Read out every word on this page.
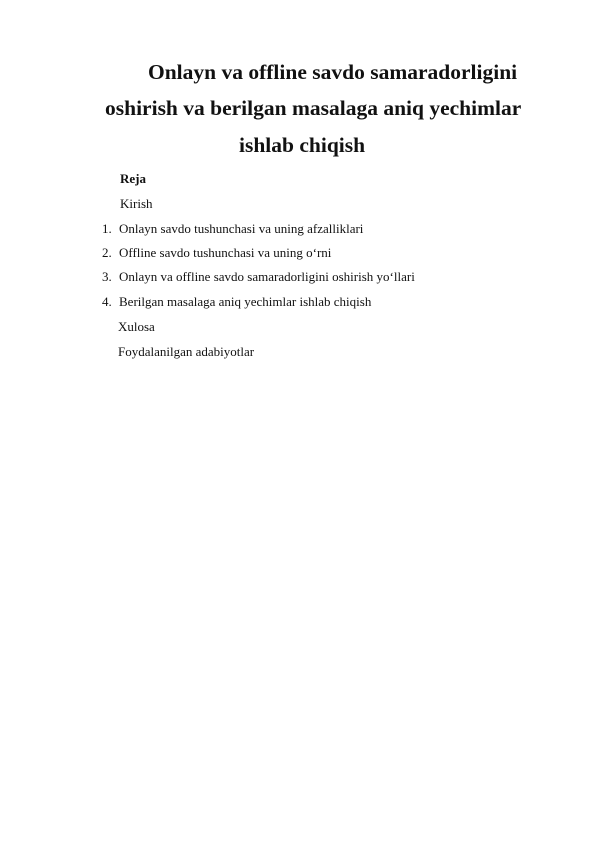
Onlayn va offline savdo samaradorligini
oshirish va berilgan masalaga aniq yechimlar
ishlab chiqish
Reja
Kirish
1. Onlayn savdo tushunchasi va uning afzalliklari
2. Offline savdo tushunchasi va uning o‘rni
3. Onlayn va offline savdo samaradorligini oshirish yo‘llari
4. Berilgan masalaga aniq yechimlar ishlab chiqish
Xulosa
Foydalanilgan adabiyotlar
